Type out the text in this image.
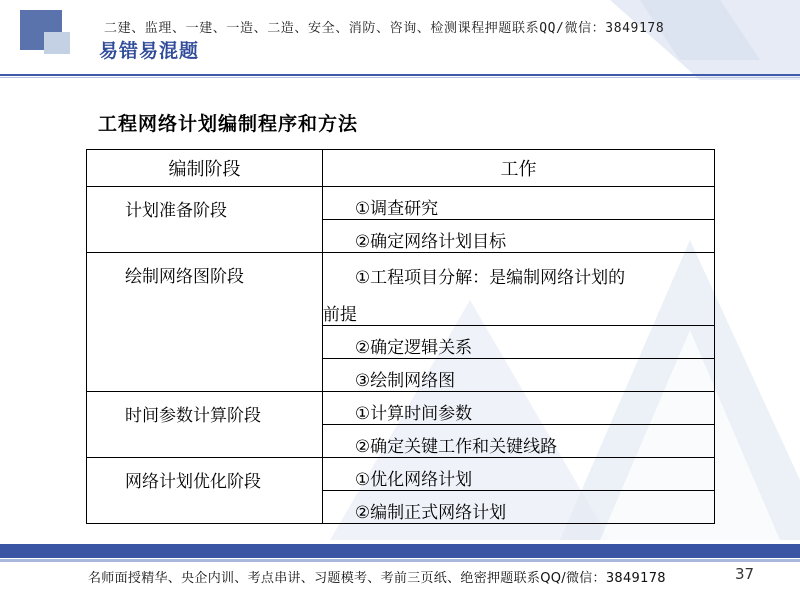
二建、监理、一建、一造、二造、安全、消防、咨询、检测课程押题联系QQ/微信：3849178
易错易混题
工程网络计划编制程序和方法
编制阶段	工作
计划准备阶段	①调查研究
	②确定网络计划目标
绘制网络图阶段	①工程项目分解：是编制网络计划的
前提

	②确定逻辑关系
	③绘制网络图
时间参数计算阶段	①计算时间参数
	②确定关键工作和关键线路
网络计划优化阶段	①优化网络计划
	②编制正式网络计划
名师面授精华、央企内训、考点串讲、习题模考、考前三页纸、绝密押题联系QQ/微信：3849178	37
